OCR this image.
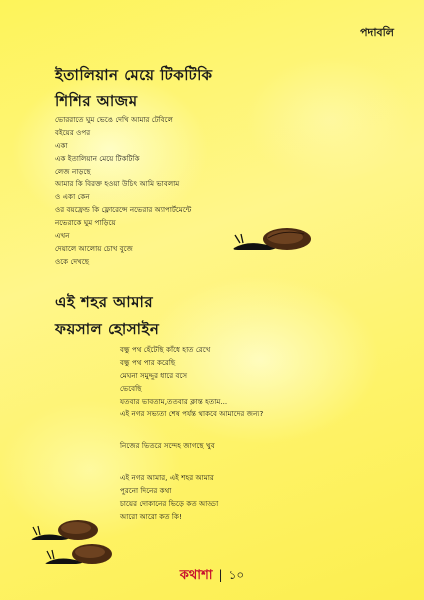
পদাবলি
ইতালিয়ান মেয়ে টিকটিকি
শিশির আজম
ভোররাতে ঘুম ভেঙে দেখি আমার টেবিলে
বইয়ের ওপর
একা
এক ইতালিয়ান মেয়ে টিকটিকি
লেজ নাড়ছে
আমার কি বিরক্ত হওয়া উচিৎ আমি ভাবলাম
ও একা কেন
ওর বয়ফ্রেন্ড কি ফ্লোরেন্সে নভেরার অ্যাপার্টমেন্টে
নভেরাকে ঘুম পাড়িয়ে
এখন
দেয়ালে আলোয় চোখ বুজে
ওকে দেখছে
এই শহর আমার
ফয়সাল হোসাইন
বন্ধু পথ হেঁটেছি কাঁধে হাত রেখে
বন্ধু পথ পার করেছি
মেঘনা সমুদ্দুর ধারে বসে
ভেবেছি
যতবার ভাবতাম,ততবার ক্লান্ত হতাম...
এই নগর সভ্যতা শেষ পর্যন্ত থাকবে আমাদের জন্য?
নিজের ভিতরে সন্দেহ জাগছে খুব
এই নগর আমার, এই শহর আমার
পুরনো দিনের কথা
চায়ের দোকানের ভিড়ে কত আড্ডা
আরো আরো কত কি!
কথাশা | ১০
